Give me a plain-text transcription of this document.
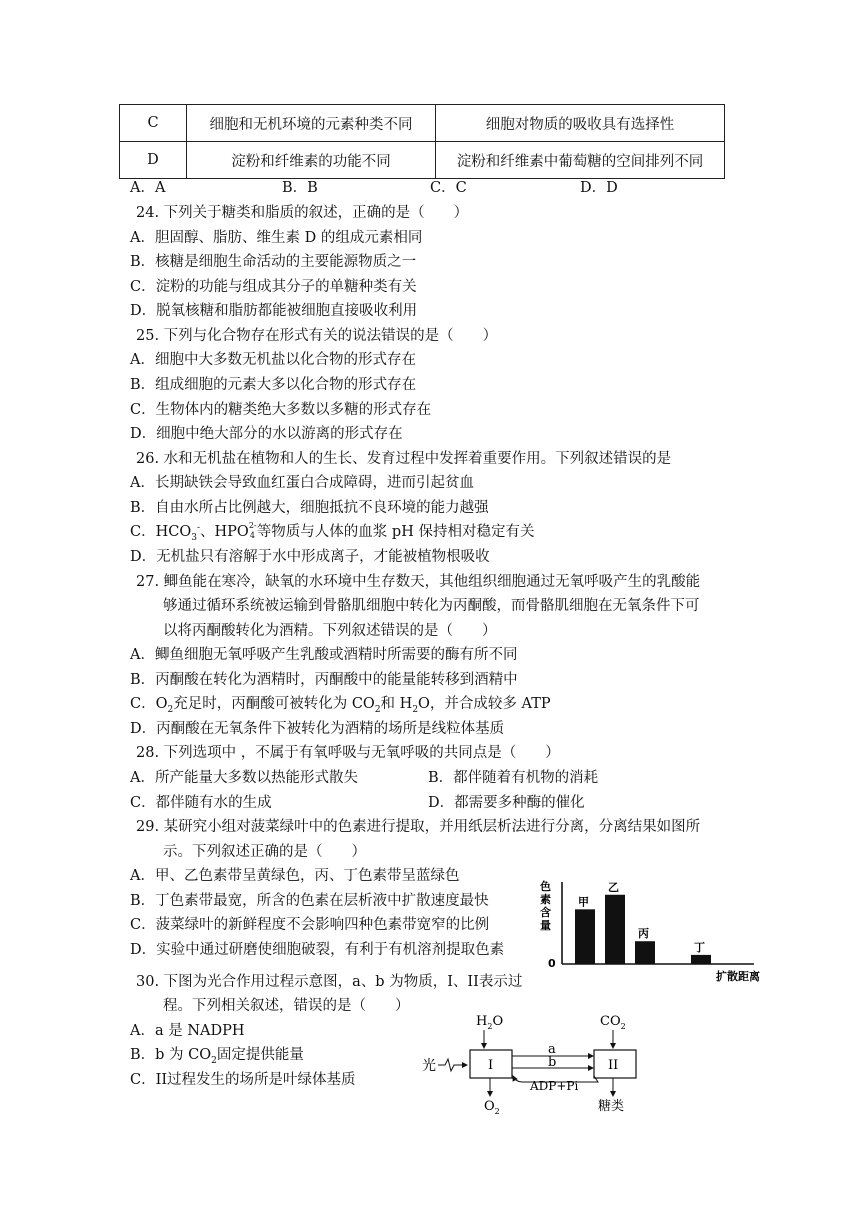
C	细胞和无机环境的元素种类不同	细胞对物质的吸收具有选择性
D	淀粉和纤维素的功能不同	淀粉和纤维素中葡萄糖的空间排列不同
A．A	B．B	C．C	D．D
24. 下列关于糖类和脂质的叙述，正确的是（　　）
A．胆固醇、脂肪、维生素 D 的组成元素相同
B．核糖是细胞生命活动的主要能源物质之一
C．淀粉的功能与组成其分子的单糖种类有关
D．脱氧核糖和脂肪都能被细胞直接吸收利用
25. 下列与化合物存在形式有关的说法错误的是（　　）
A．细胞中大多数无机盐以化合物的形式存在
B．组成细胞的元素大多以化合物的形式存在
C．生物体内的糖类绝大多数以多糖的形式存在
D．细胞中绝大部分的水以游离的形式存在
26. 水和无机盐在植物和人的生长、发育过程中发挥着重要作用。下列叙述错误的是
A．长期缺铁会导致血红蛋白合成障碍，进而引起贫血
B．自由水所占比例越大，细胞抵抗不良环境的能力越强
C．$HCO_3^-$、HPO 2-
4 等物质与人体的血浆 pH 保持相对稳定有关
D．无机盐只有溶解于水中形成离子，才能被植物根吸收
27. 鲫鱼能在寒冷，缺氧的水环境中生存数天，其他组织细胞通过无氧呼吸产生的乳酸能
够通过循环系统被运输到骨骼肌细胞中转化为丙酮酸，而骨骼肌细胞在无氧条件下可
以将丙酮酸转化为酒精。下列叙述错误的是（　　）
A．鲫鱼细胞无氧呼吸产生乳酸或酒精时所需要的酶有所不同
B．丙酮酸在转化为酒精时，丙酮酸中的能量能转移到酒精中
C．$O_2$充足时，丙酮酸可被转化为 $CO_2$和 $H_2O$，并合成较多 ATP
D．丙酮酸在无氧条件下被转化为酒精的场所是线粒体基质
28. 下列选项中 ，不属于有氧呼吸与无氧呼吸的共同点是（　　）
A．所产能量大多数以热能形式散失	B．都伴随着有机物的消耗
C．都伴随有水的生成	D．都需要多种酶的催化
29. 某研究小组对菠菜绿叶中的色素进行提取，并用纸层析法进行分离，分离结果如图所
示。下列叙述正确的是（　　）
A．甲、乙色素带呈黄绿色，丙、丁色素带呈蓝绿色
B．丁色素带最宽，所含的色素在层析液中扩散速度最快
C．菠菜绿叶的新鲜程度不会影响四种色素带宽窄的比例
D．实验中通过研磨使细胞破裂，有利于有机溶剂提取色素
色素含量
0
扩散距离
甲
乙
丙
丁
30. 下图为光合作用过程示意图，a、b 为物质，I、II表示过
程。下列相关叙述，错误的是（　　）
A．a 是 NADPH
B．b 为 $CO_2$固定提供能量
C．II过程发生的场所是叶绿体基质
$H_2O$	$CO_2$
光	I	II
a
b
ADP+Pi
$O_2$	糖类
